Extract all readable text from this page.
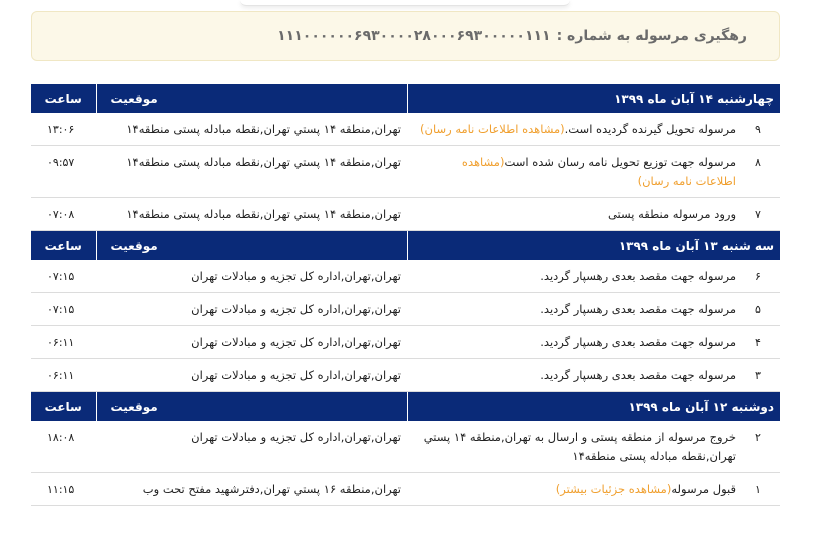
رهگیری مرسوله به شماره :
۱۱۱۰۰۰۰۰۰۶۹۳۰۰۰۰۲۸۰۰۰۶۹۳۰۰۰۰۰۱۱۱
چهارشنبه ۱۴ آبان ماه ۱۳۹۹	موقعیت	ساعت

۹
مرسوله تحویل گیرنده گردیده است.(مشاهده اطلاعات نامه رسان)	تهران,منطقه ۱۴ پستي تهران,نقطه مبادله پستی منطقه۱۴	۱۳:۰۶

۸
مرسوله جهت توزیع تحویل نامه رسان شده است(مشاهده اطلاعات نامه رسان)	تهران,منطقه ۱۴ پستي تهران,نقطه مبادله پستی منطقه۱۴	۰۹:۵۷

۷
ورود مرسوله منطقه پستی	تهران,منطقه ۱۴ پستي تهران,نقطه مبادله پستی منطقه۱۴	۰۷:۰۸
سه شنبه ۱۳ آبان ماه ۱۳۹۹	موقعیت	ساعت

۶
مرسوله جهت مقصد بعدی رهسپار گردید.	تهران,تهران,اداره کل تجزیه و مبادلات تهران	۰۷:۱۵

۵
مرسوله جهت مقصد بعدی رهسپار گردید.	تهران,تهران,اداره کل تجزیه و مبادلات تهران	۰۷:۱۵

۴
مرسوله جهت مقصد بعدی رهسپار گردید.	تهران,تهران,اداره کل تجزیه و مبادلات تهران	۰۶:۱۱

۳
مرسوله جهت مقصد بعدی رهسپار گردید.	تهران,تهران,اداره کل تجزیه و مبادلات تهران	۰۶:۱۱
دوشنبه ۱۲ آبان ماه ۱۳۹۹	موقعیت	ساعت

۲
خروج مرسوله از منطقه پستی و ارسال به تهران,منطقه ۱۴ پستي تهران,نقطه مبادله پستی منطقه۱۴	تهران,تهران,اداره کل تجزیه و مبادلات تهران	۱۸:۰۸

۱
قبول مرسوله(مشاهده جزئیات بیشتر)	تهران,منطقه ۱۶ پستي تهران,دفترشهید مفتح تحت وب	۱۱:۱۵
